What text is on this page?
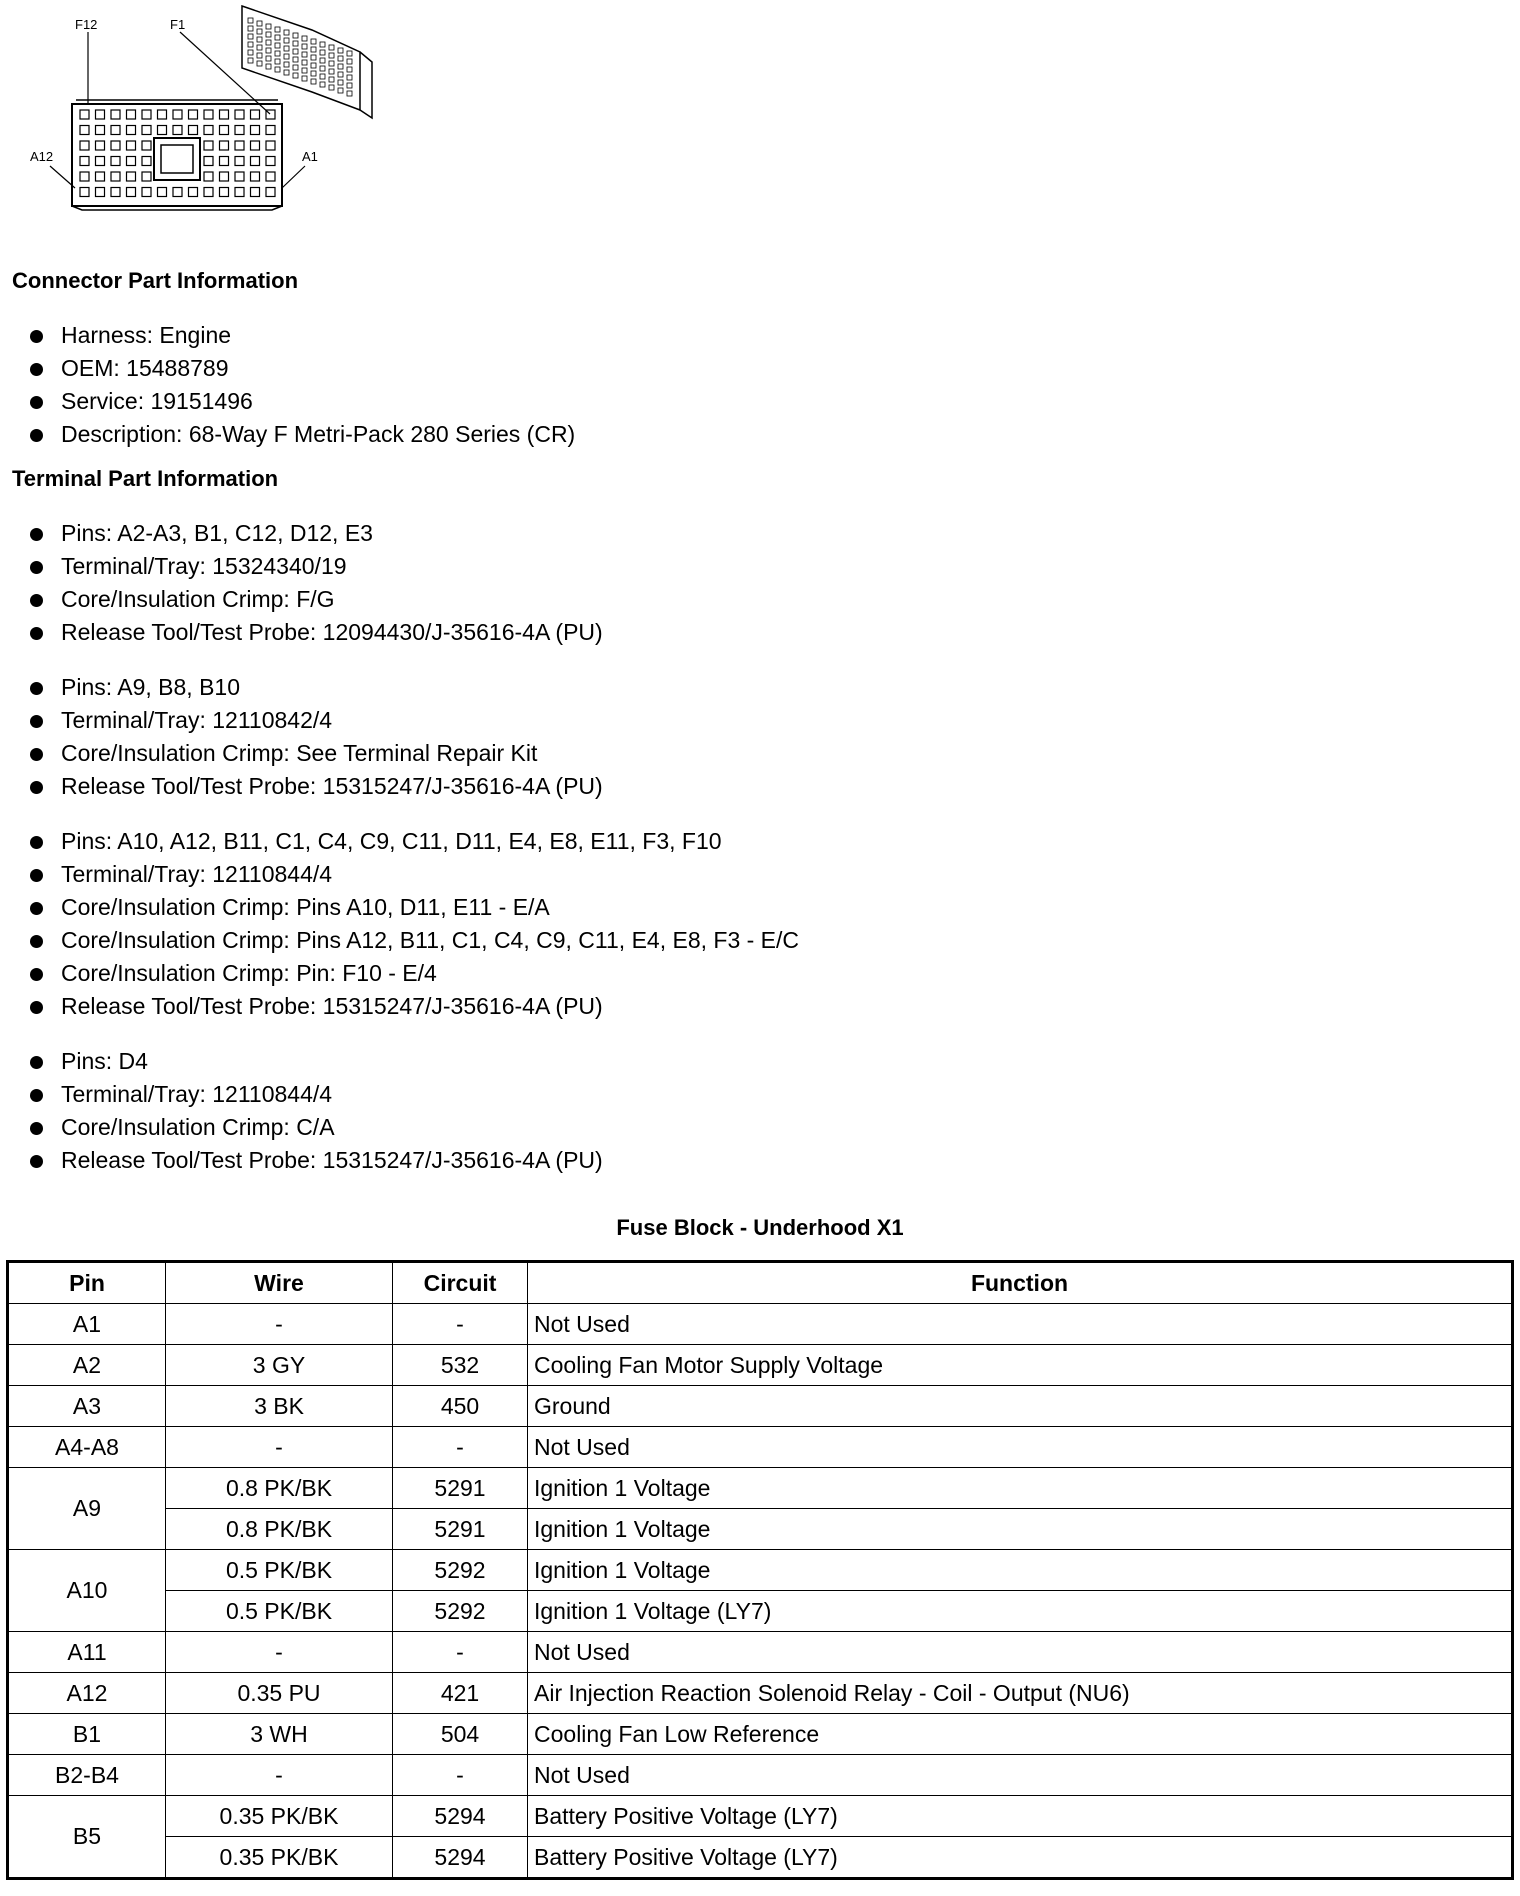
F12	F1
A12	A1
Connector Part Information
Harness: Engine
OEM: 15488789
Service: 19151496
Description: 68-Way F Metri-Pack 280 Series (CR)
Terminal Part Information
Pins: A2-A3, B1, C12, D12, E3
Terminal/Tray: 15324340/19
Core/Insulation Crimp: F/G
Release Tool/Test Probe: 12094430/J-35616-4A (PU)
Pins: A9, B8, B10
Terminal/Tray: 12110842/4
Core/Insulation Crimp: See Terminal Repair Kit
Release Tool/Test Probe: 15315247/J-35616-4A (PU)
Pins: A10, A12, B11, C1, C4, C9, C11, D11, E4, E8, E11, F3, F10
Terminal/Tray: 12110844/4
Core/Insulation Crimp: Pins A10, D11, E11 - E/A
Core/Insulation Crimp: Pins A12, B11, C1, C4, C9, C11, E4, E8, F3 - E/C
Core/Insulation Crimp: Pin: F10 - E/4
Release Tool/Test Probe: 15315247/J-35616-4A (PU)
Pins: D4
Terminal/Tray: 12110844/4
Core/Insulation Crimp: C/A
Release Tool/Test Probe: 15315247/J-35616-4A (PU)
Fuse Block - Underhood X1
Pin	Wire	Circuit	Function
A1	-	-	Not Used
A2	3 GY	532	Cooling Fan Motor Supply Voltage
A3	3 BK	450	Ground
A4-A8	-	-	Not Used
A9	0.8 PK/BK	5291	Ignition 1 Voltage
	0.8 PK/BK	5291	Ignition 1 Voltage
A10	0.5 PK/BK	5292	Ignition 1 Voltage
	0.5 PK/BK	5292	Ignition 1 Voltage (LY7)
A11	-	-	Not Used
A12	0.35 PU	421	Air Injection Reaction Solenoid Relay - Coil - Output (NU6)
B1	3 WH	504	Cooling Fan Low Reference
B2-B4	-	-	Not Used
B5	0.35 PK/BK	5294	Battery Positive Voltage (LY7)
	0.35 PK/BK	5294	Battery Positive Voltage (LY7)
